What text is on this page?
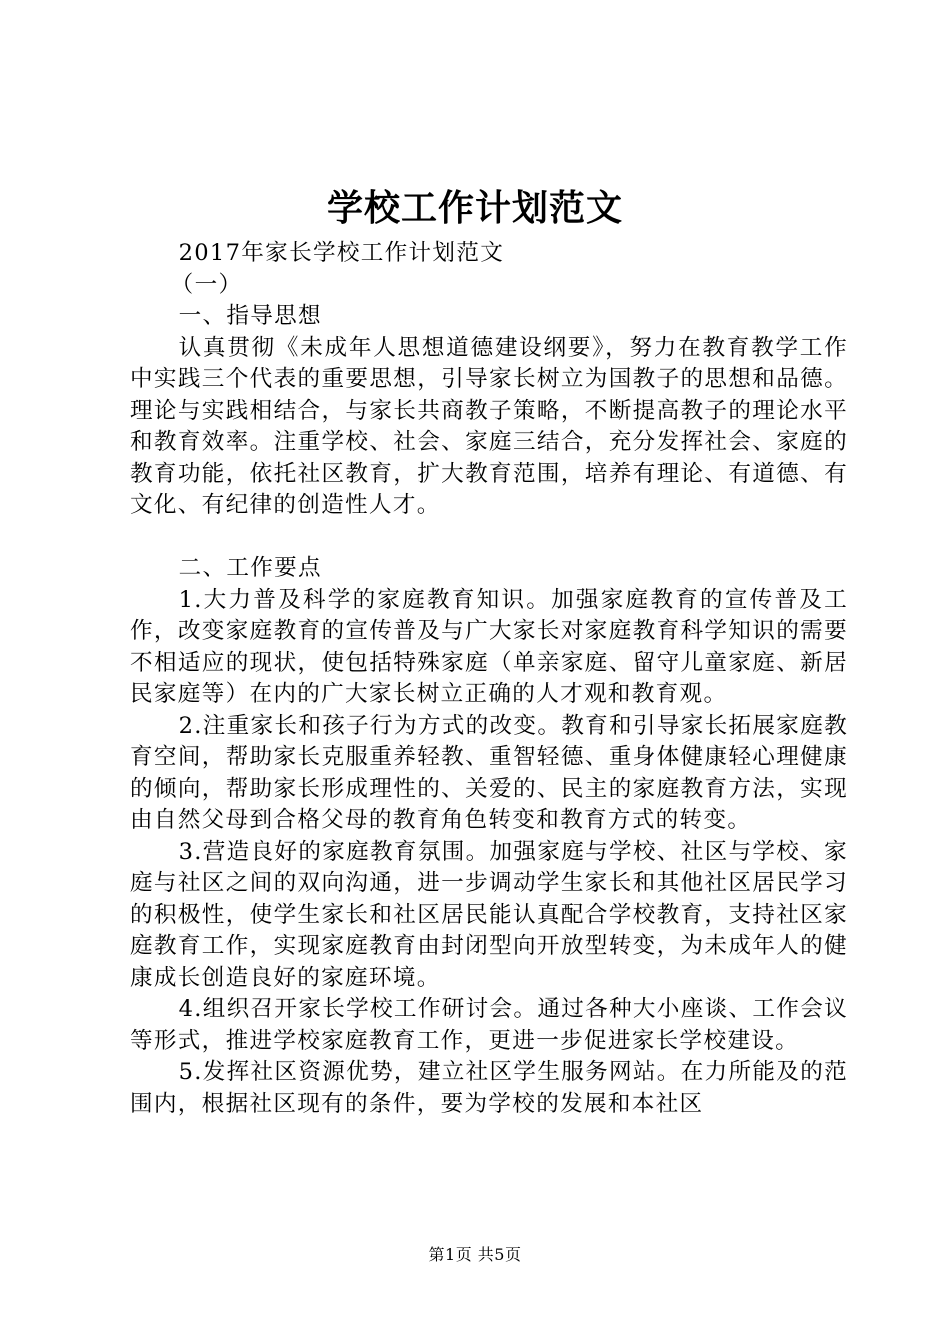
学校工作计划范文

2017年家长学校工作计划范文

（一）

一、指导思想

认真贯彻《未成年人思想道德建设纲要》，努力在教育教学工作中实践三个代表的重要思想，引导家长树立为国教子的思想和品德。理论与实践相结合，与家长共商教子策略，不断提高教子的理论水平和教育效率。注重学校、社会、家庭三结合，充分发挥社会、家庭的教育功能，依托社区教育，扩大教育范围，培养有理论、有道德、有文化、有纪律的创造性人才。

二、工作要点

1.大力普及科学的家庭教育知识。加强家庭教育的宣传普及工作，改变家庭教育的宣传普及与广大家长对家庭教育科学知识的需要不相适应的现状，使包括特殊家庭（单亲家庭、留守儿童家庭、新居民家庭等）在内的广大家长树立正确的人才观和教育观。

2.注重家长和孩子行为方式的改变。教育和引导家长拓展家庭教育空间，帮助家长克服重养轻教、重智轻德、重身体健康轻心理健康的倾向，帮助家长形成理性的、关爱的、民主的家庭教育方法，实现由自然父母到合格父母的教育角色转变和教育方式的转变。

3.营造良好的家庭教育氛围。加强家庭与学校、社区与学校、家庭与社区之间的双向沟通，进一步调动学生家长和其他社区居民学习的积极性，使学生家长和社区居民能认真配合学校教育，支持社区家庭教育工作，实现家庭教育由封闭型向开放型转变，为未成年人的健康成长创造良好的家庭环境。

4.组织召开家长学校工作研讨会。通过各种大小座谈、工作会议等形式，推进学校家庭教育工作，更进一步促进家长学校建设。

5.发挥社区资源优势，建立社区学生服务网站。在力所能及的范围内，根据社区现有的条件，要为学校的发展和本社区

第1页 共5页
